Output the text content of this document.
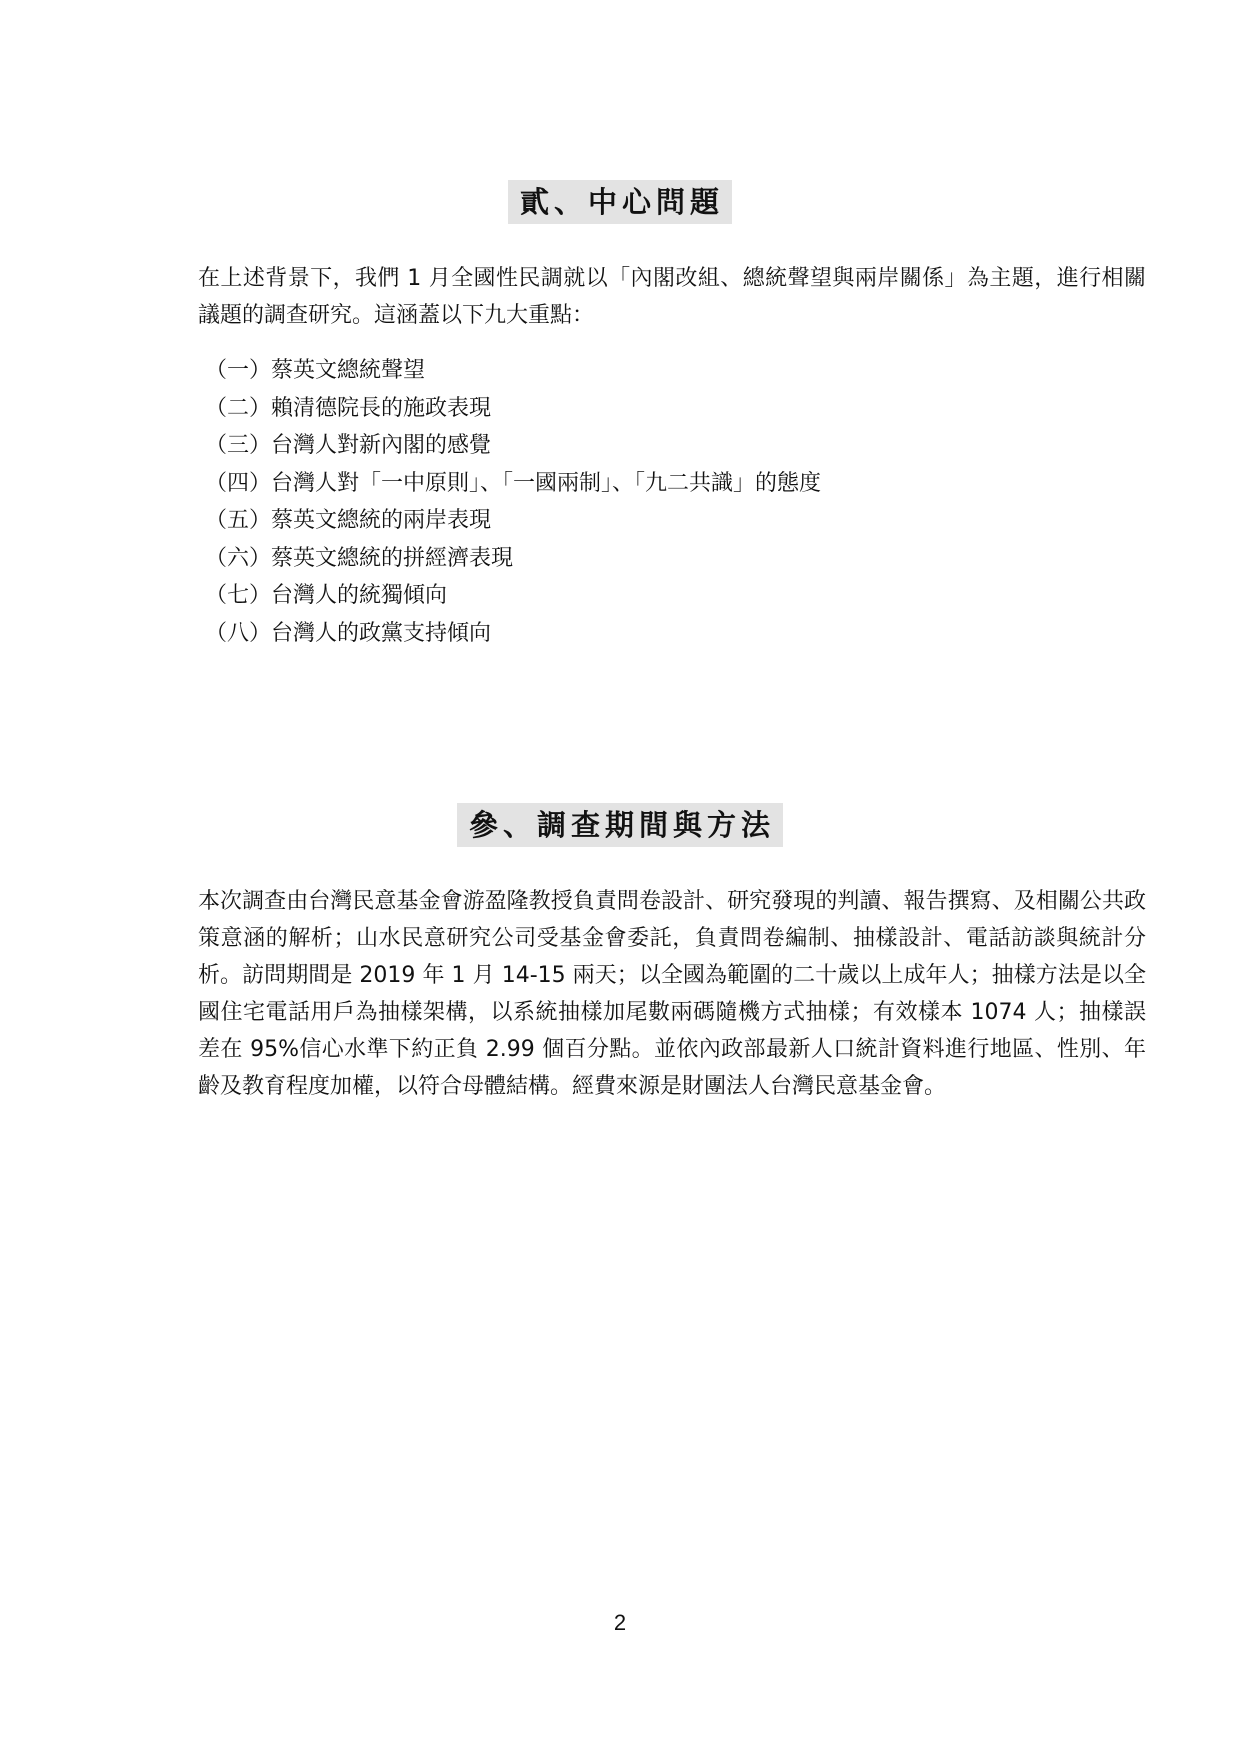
貳、中心問題

在上述背景下，我們 1 月全國性民調就以「內閣改組、總統聲望與兩岸關係」為主題，進行相關議題的調查研究。這涵蓋以下九大重點：

（一）蔡英文總統聲望
（二）賴清德院長的施政表現
（三）台灣人對新內閣的感覺
（四）台灣人對「一中原則」、「一國兩制」、「九二共識」的態度
（五）蔡英文總統的兩岸表現
（六）蔡英文總統的拼經濟表現
（七）台灣人的統獨傾向
（八）台灣人的政黨支持傾向
參、調查期間與方法

本次調查由台灣民意基金會游盈隆教授負責問卷設計、研究發現的判讀、報告撰寫、及相關公共政策意涵的解析；山水民意研究公司受基金會委託，負責問卷編制、抽樣設計、電話訪談與統計分析。訪問期間是 2019 年 1 月 14-15 兩天；以全國為範圍的二十歲以上成年人；抽樣方法是以全國住宅電話用戶為抽樣架構，以系統抽樣加尾數兩碼隨機方式抽樣；有效樣本 1074 人；抽樣誤差在 95%信心水準下約正負 2.99 個百分點。並依內政部最新人口統計資料進行地區、性別、年齡及教育程度加權，以符合母體結構。經費來源是財團法人台灣民意基金會。

2
